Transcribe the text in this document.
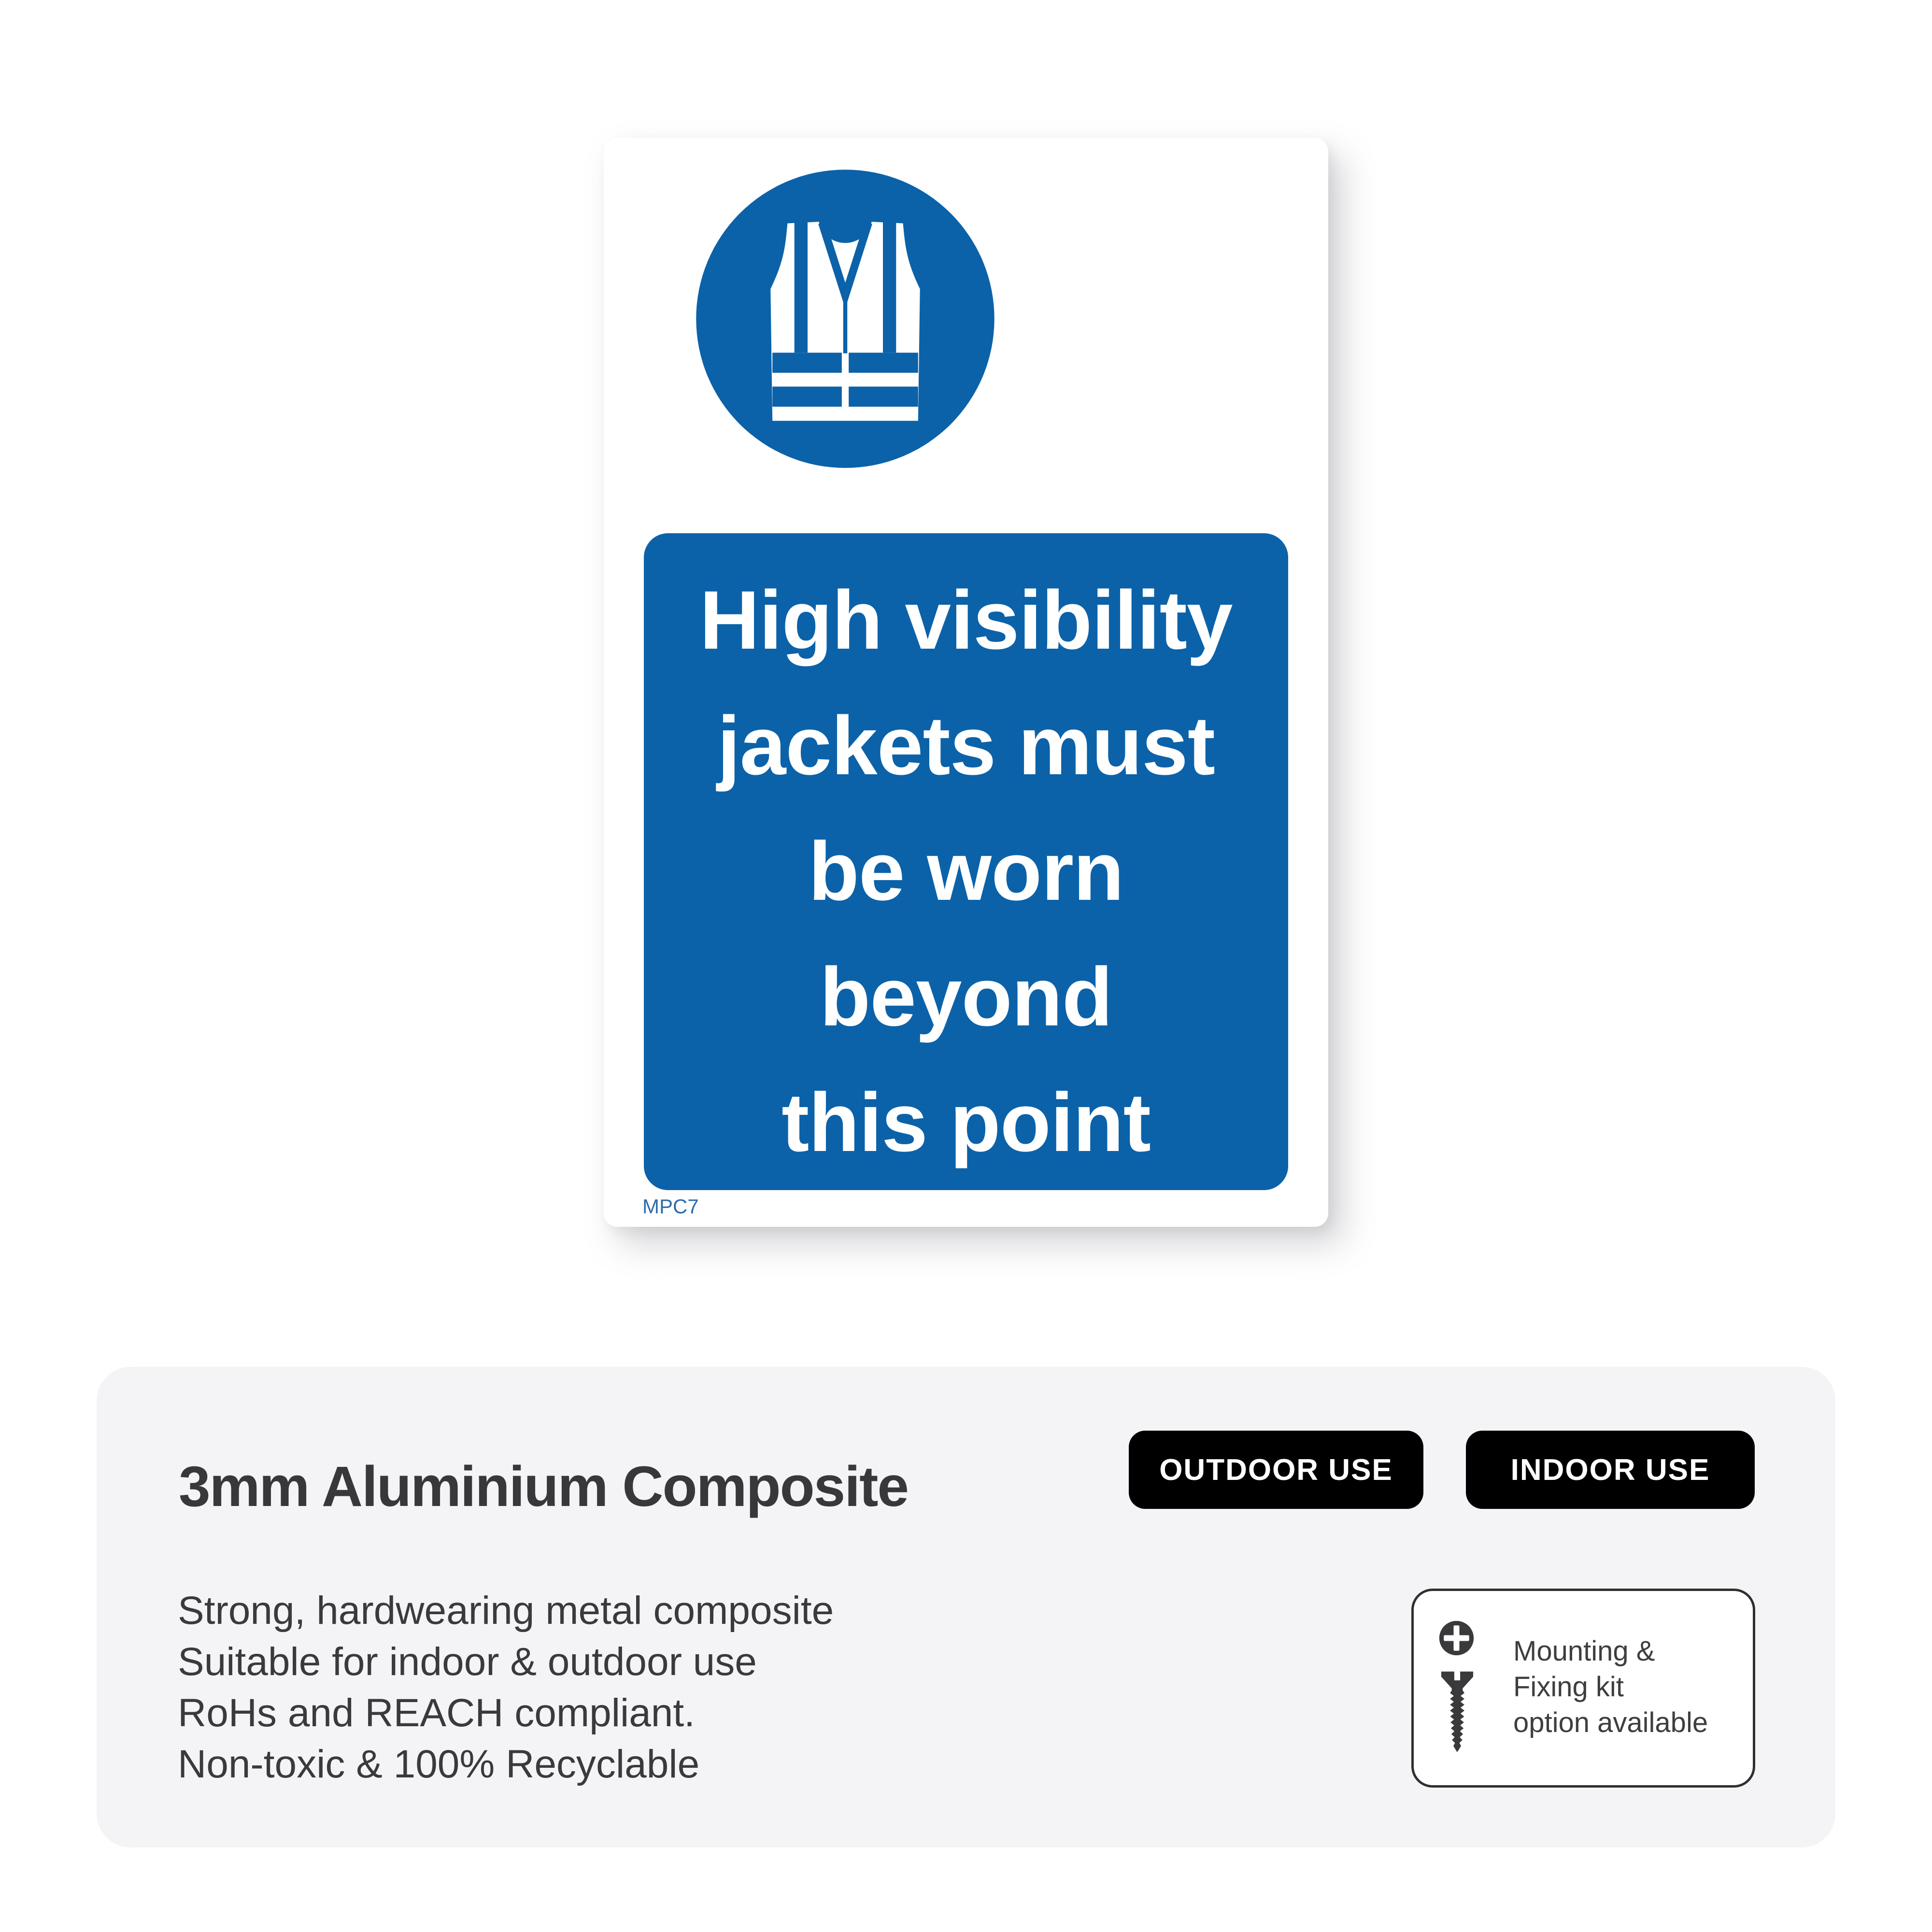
High visibility
jackets must
be worn
beyond
this point
MPC7
3mm Aluminium Composite
Strong, hardwearing metal composite
Suitable for indoor & outdoor use
RoHs and REACH compliant.
Non-toxic & 100% Recyclable
OUTDOOR USE	INDOOR USE
Mounting &
Fixing kit
option available
